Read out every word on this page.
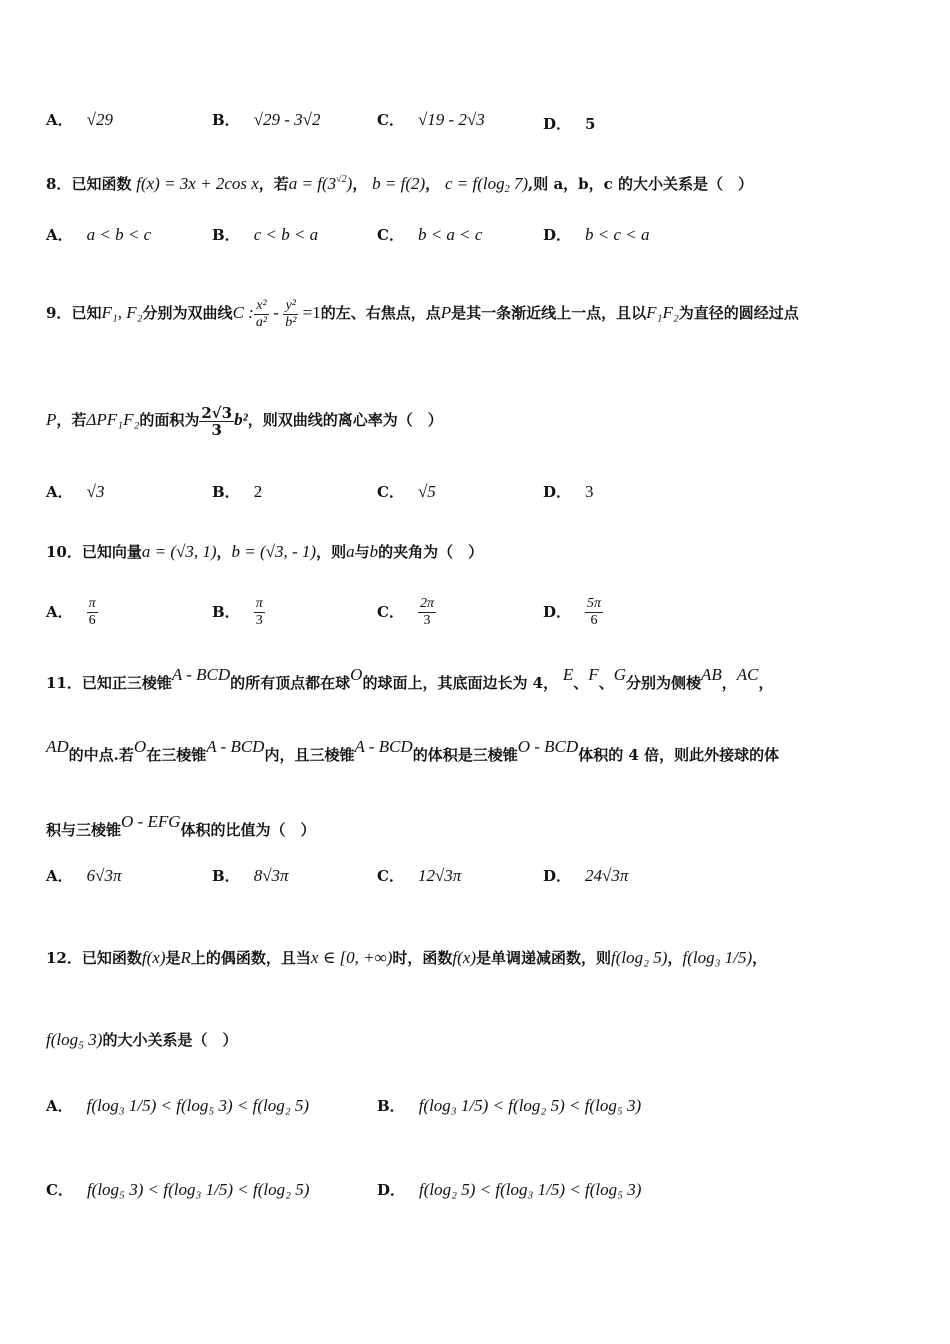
A． √29	B． √29 - 3√2	C． √19 - 2√3	D． 5
8．已知函数 f(x) = 3x + 2cos x，若$a = f(3^{√2})$， b = f(2)， $c = f(\log_2$ 7),则 a，b，c 的大小关系是（　）
A． a < b < c	B． c < b < a	C． b < a < c	D． b < c < a
9．已知F₁, F₂分别为双曲线C : $\frac{\text{x²}}{\text{a²}} - \frac{\text{y²}}{\text{b²}} =1$的左、右焦点，点P是其一条渐近线上一点，且以F₁F₂为直径的圆经过点
P，若ΔPF₁F₂的面积为 $\frac{2√3}{3} b^2$，则双曲线的离心率为（　）
A． √3	B． 2	C． √5	D． 3
10．已知向量a = (√3, 1)，b = (√3, - 1)，则a与b的夹角为（　）
A． $\frac{\pi}{6}$	B． $\frac{\pi}{3}$	C． $\frac{2\pi}{3}$	D． $\frac{5\pi}{6}$
11．已知正三棱锥A - BCD的所有顶点都在球O的球面上，其底面边长为 4， E、F、G分别为侧棱AB，AC，
AD的中点.若O在三棱锥A - BCD内，且三棱锥A - BCD的体积是三棱锥O - BCD体积的 4 倍，则此外接球的体
积与三棱锥O - EFG体积的比值为（　）
A． 6√3π	B． 8√3π	C． 12√3π	D． 24√3π
12．已知函数f(x)是R上的偶函数，且当x ∈ [0, +∞)时，函数f(x)是单调递减函数，则f(log₂ 5)，f(log₃ 1/5)，
f(log₅ 3)的大小关系是（　）
A． f(log₃ 1/5) < f(log₅ 3) < f(log₂ 5)	B． f(log₃ 1/5) < f(log₂ 5) < f(log₅ 3)
C． f(log₅ 3) < f(log₃ 1/5) < f(log₂ 5)	D． f(log₂ 5) < f(log₃ 1/5) < f(log₅ 3)
